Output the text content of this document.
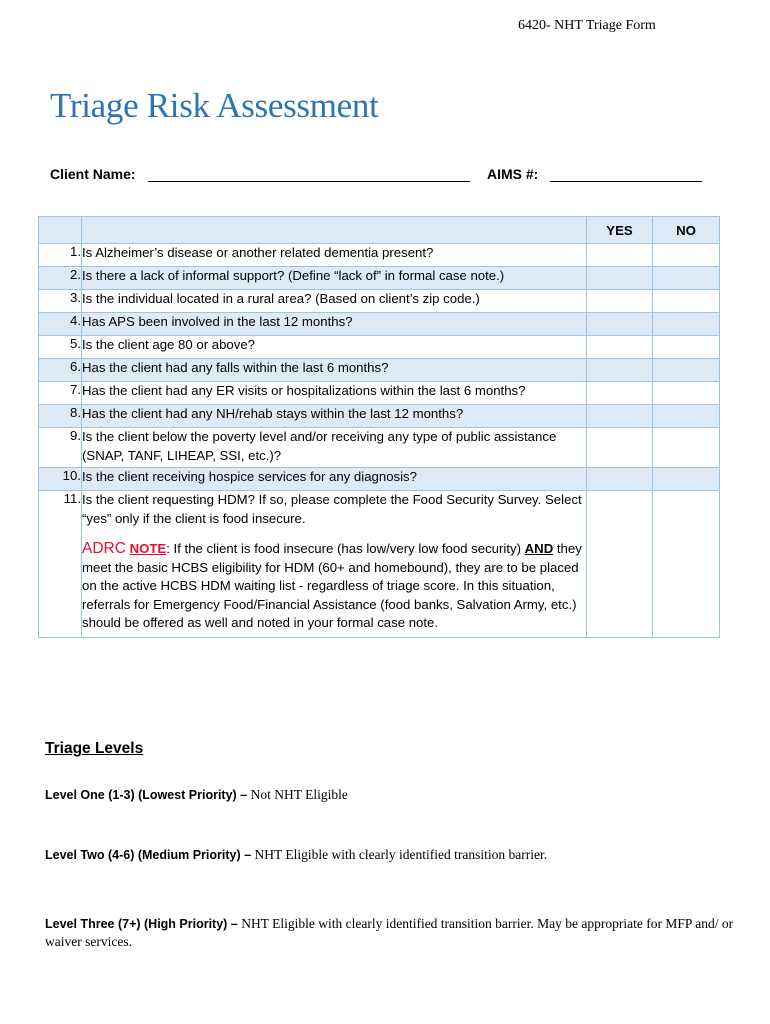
6420- NHT Triage Form
Triage Risk Assessment
Client Name:	AIMS #:
		YES	NO
1.	Is Alzheimer’s disease or another related dementia present?		
2.	Is there a lack of informal support? (Define “lack of” in formal case note.)		
3.	Is the individual located in a rural area? (Based on client’s zip code.)		
4.	Has APS been involved in the last 12 months?		
5.	Is the client age 80 or above?		
6.	Has the client had any falls within the last 6 months?		
7.	Has the client had any ER visits or hospitalizations within the last 6 months?		
8.	Has the client had any NH/rehab stays within the last 12 months?		
9.	Is the client below the poverty level and/or receiving any type of public assistance (SNAP, TANF, LIHEAP, SSI, etc.)?		
10.	Is the client receiving hospice services for any diagnosis?		
11.	Is the client requesting HDM? If so, please complete the Food Security Survey. Select “yes” only if the client is food insecure.

ADRC NOTE: If the client is food insecure (has low/very low food security) AND they meet the basic HCBS eligibility for HDM (60+ and homebound), they are to be placed on the active HCBS HDM waiting list - regardless of triage score. In this situation, referrals for Emergency Food/Financial Assistance (food banks, Salvation Army, etc.) should be offered as well and noted in your formal case note.		

Triage Levels
Level One (1-3) (Lowest Priority) – Not NHT Eligible
Level Two (4-6) (Medium Priority) – NHT Eligible with clearly identified transition barrier.
Level Three (7+) (High Priority) – NHT Eligible with clearly identified transition barrier. May be appropriate for MFP and/ or waiver services.
